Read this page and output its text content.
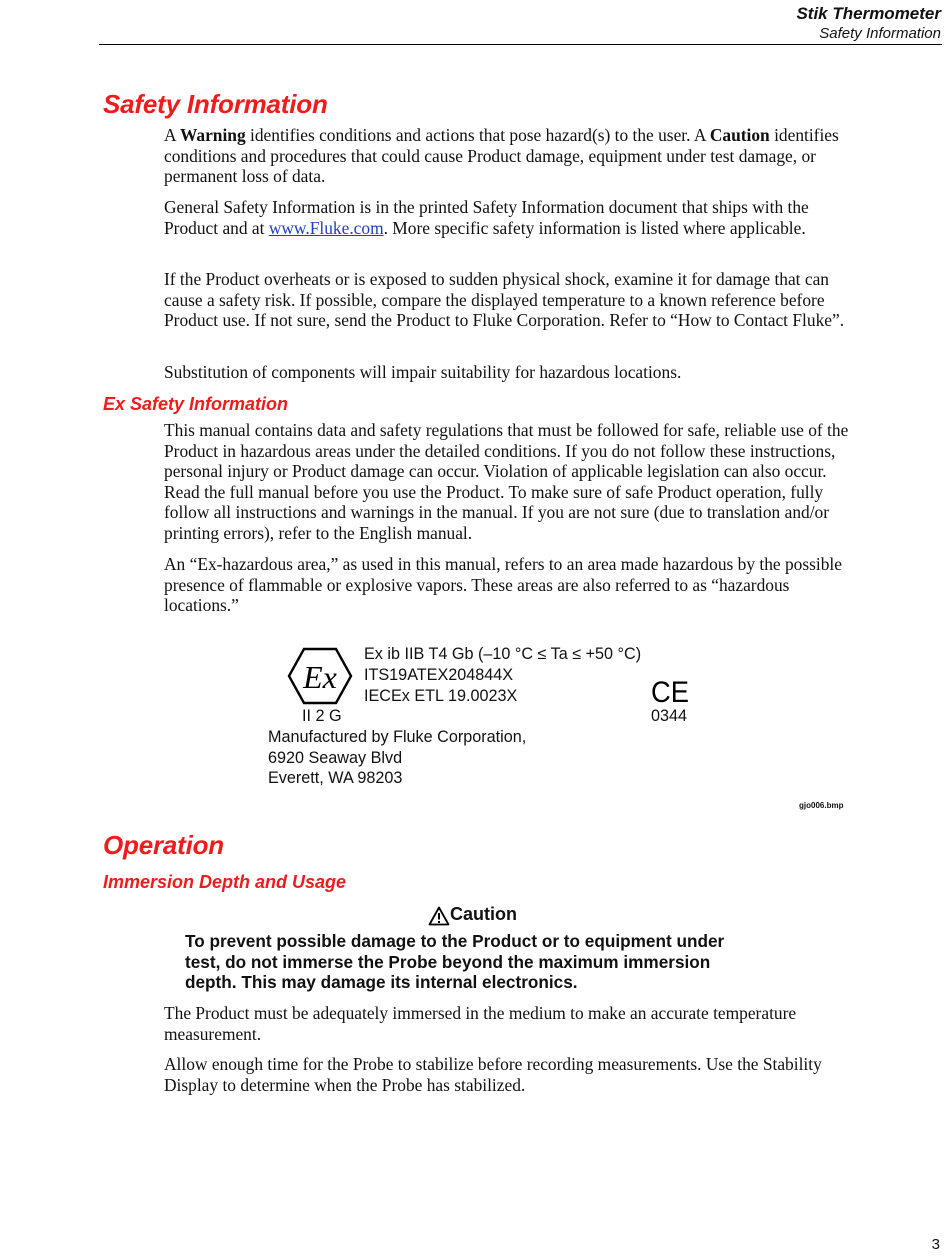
Stik Thermometer
Safety Information
Safety Information

A Warning identifies conditions and actions that pose hazard(s) to the user. A Caution identifies conditions and procedures that could cause Product damage, equipment under test damage, or permanent loss of data.

General Safety Information is in the printed Safety Information document that ships with the Product and at www.Fluke.com. More specific safety information is listed where applicable.

If the Product overheats or is exposed to sudden physical shock, examine it for damage that can cause a safety risk. If possible, compare the displayed temperature to a known reference before Product use. If not sure, send the Product to Fluke Corporation. Refer to “How to Contact Fluke”.

Substitution of components will impair suitability for hazardous locations.

Ex Safety Information

This manual contains data and safety regulations that must be followed for safe, reliable use of the Product in hazardous areas under the detailed conditions. If you do not follow these instructions, personal injury or Product damage can occur. Violation of applicable legislation can also occur. Read the full manual before you use the Product. To make sure of safe Product operation, fully follow all instructions and warnings in the manual. If you are not sure (due to translation and/or printing errors), refer to the English manual.

An “Ex-hazardous area,” as used in this manual, refers to an area made hazardous by the possible presence of flammable or explosive vapors. These areas are also referred to as “hazardous locations.”

Ex
Ex ib IIB T4 Gb (–10 °C ≤ Ta ≤ +50 °C)
ITS19ATEX204844X
IECEx ETL 19.0023X	CE
II 2 G	0344
Manufactured by Fluke Corporation,
6920 Seaway Blvd
Everett, WA 98203
gjo006.bmp
Operation
Immersion Depth and Usage
Caution

To prevent possible damage to the Product or to equipment under test, do not immerse the Probe beyond the maximum immersion depth. This may damage its internal electronics.

The Product must be adequately immersed in the medium to make an accurate temperature measurement.

Allow enough time for the Probe to stabilize before recording measurements. Use the Stability Display to determine when the Probe has stabilized.

3
